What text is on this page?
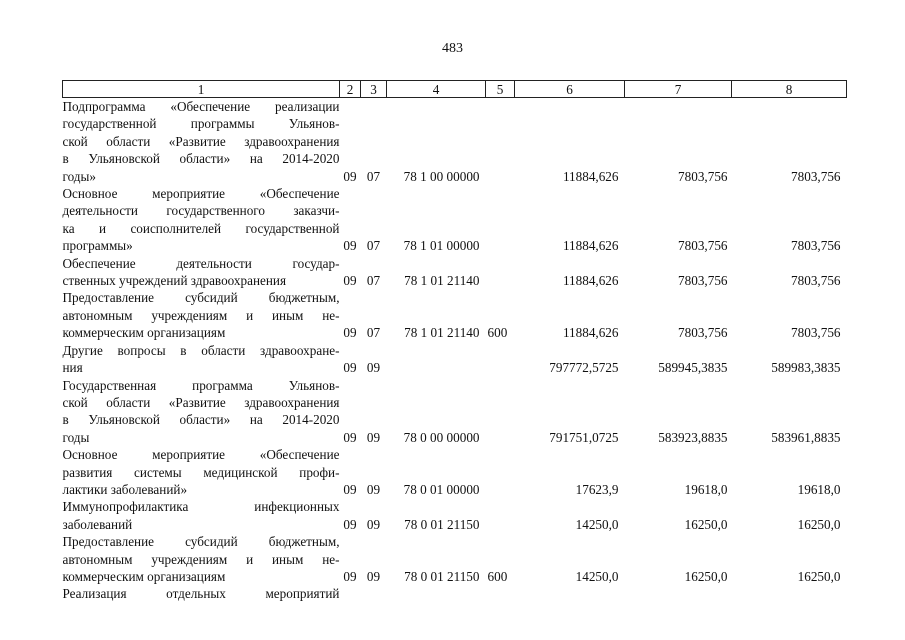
483
1	2	3	4	5	6	7	8

Подпрограмма «Обеспечение реализации
государственной программы Ульянов-
ской области «Развитие здравоохранения
в Ульяновской области» на 2014-2020
годы»	09	07	78 1 00 00000		11884,626	7803,756	7803,756

Основное мероприятие «Обеспечение
деятельности государственного заказчи-
ка и соисполнителей государственной
программы»	09	07	78 1 01 00000		11884,626	7803,756	7803,756

Обеспечение деятельности государ-
ственных учреждений здравоохранения	09	07	78 1 01 21140		11884,626	7803,756	7803,756

Предоставление субсидий бюджетным,
автономным учреждениям и иным не-
коммерческим организациям	09	07	78 1 01 21140	600	11884,626	7803,756	7803,756

Другие вопросы в области здравоохране-
ния	09	09			797772,5725	589945,3835	589983,3835

Государственная программа Ульянов-
ской области «Развитие здравоохранения
в Ульяновской области» на 2014-2020
годы	09	09	78 0 00 00000		791751,0725	583923,8835	583961,8835

Основное мероприятие «Обеспечение
развития системы медицинской профи-
лактики заболеваний»	09	09	78 0 01 00000		17623,9	19618,0	19618,0

Иммунопрофилактика инфекционных
заболеваний	09	09	78 0 01 21150		14250,0	16250,0	16250,0

Предоставление субсидий бюджетным,
автономным учреждениям и иным не-
коммерческим организациям	09	09	78 0 01 21150	600	14250,0	16250,0	16250,0

Реализация отдельных мероприятий							
